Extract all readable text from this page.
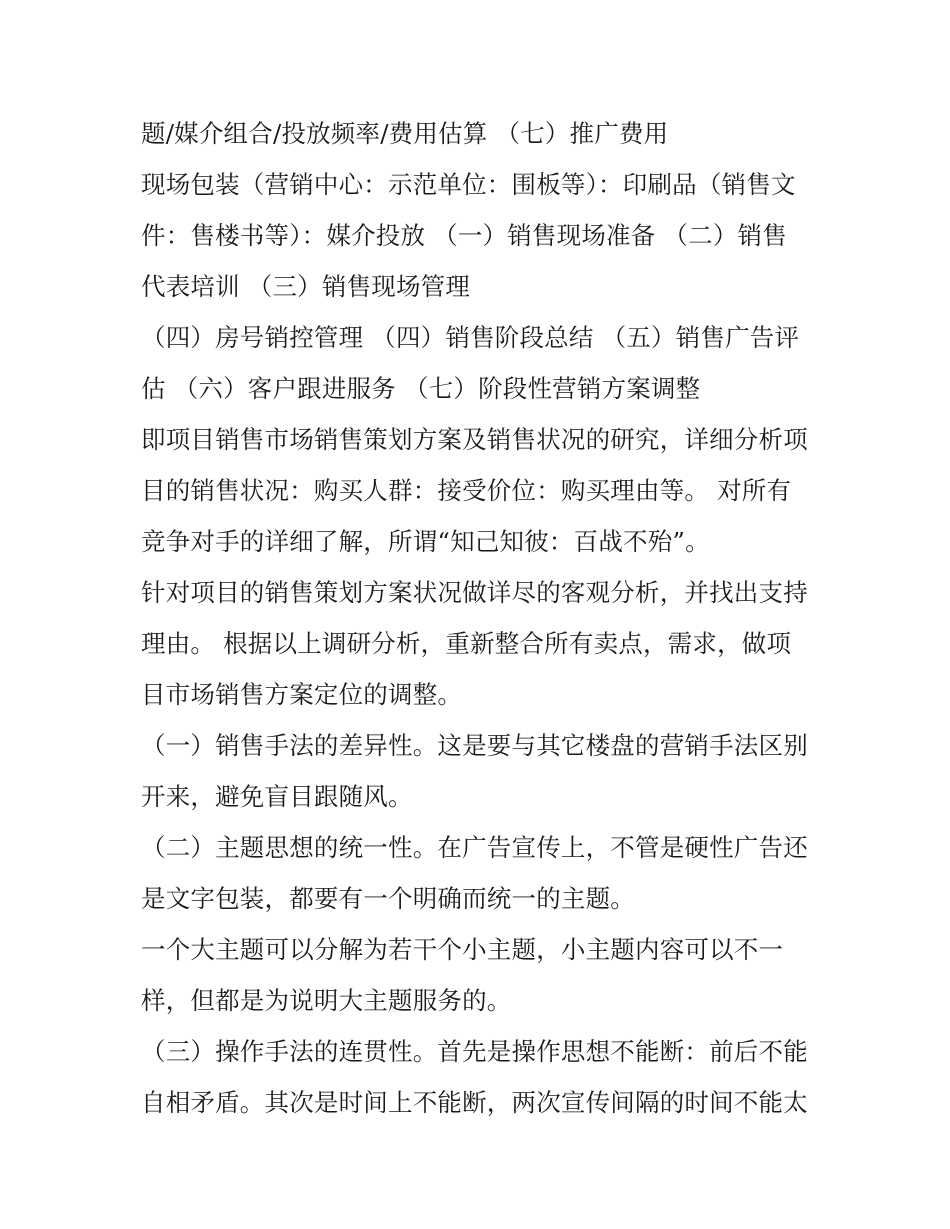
题/媒介组合/投放频率/费用估算 （七）推广费用
现场包装（营销中心：示范单位：围板等）：印刷品（销售文
件：售楼书等）：媒介投放 （一）销售现场准备 （二）销售
代表培训 （三）销售现场管理
（四）房号销控管理 （四）销售阶段总结 （五）销售广告评
估 （六）客户跟进服务 （七）阶段性营销方案调整
即项目销售市场销售策划方案及销售状况的研究，详细分析项
目的销售状况：购买人群：接受价位：购买理由等。 对所有
竞争对手的详细了解，所谓“知己知彼：百战不殆”。
针对项目的销售策划方案状况做详尽的客观分析，并找出支持
理由。 根据以上调研分析，重新整合所有卖点，需求，做项
目市场销售方案定位的调整。
（一）销售手法的差异性。这是要与其它楼盘的营销手法区别
开来，避免盲目跟随风。
（二）主题思想的统一性。在广告宣传上，不管是硬性广告还
是文字包装，都要有一个明确而统一的主题。
一个大主题可以分解为若干个小主题，小主题内容可以不一
样，但都是为说明大主题服务的。
（三）操作手法的连贯性。首先是操作思想不能断：前后不能
自相矛盾。其次是时间上不能断，两次宣传间隔的时间不能太
